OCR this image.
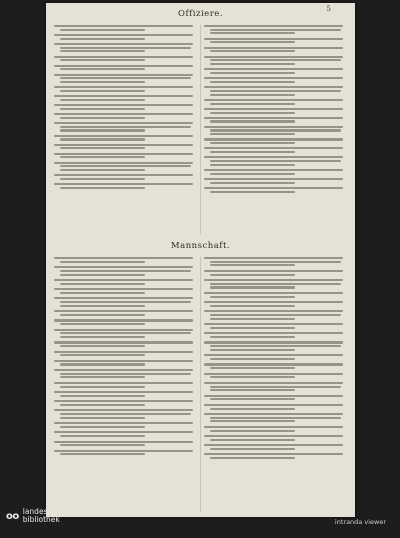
5
Offiziere.
Mannschaft.
oo landes
bibliothek	intranda viewer
